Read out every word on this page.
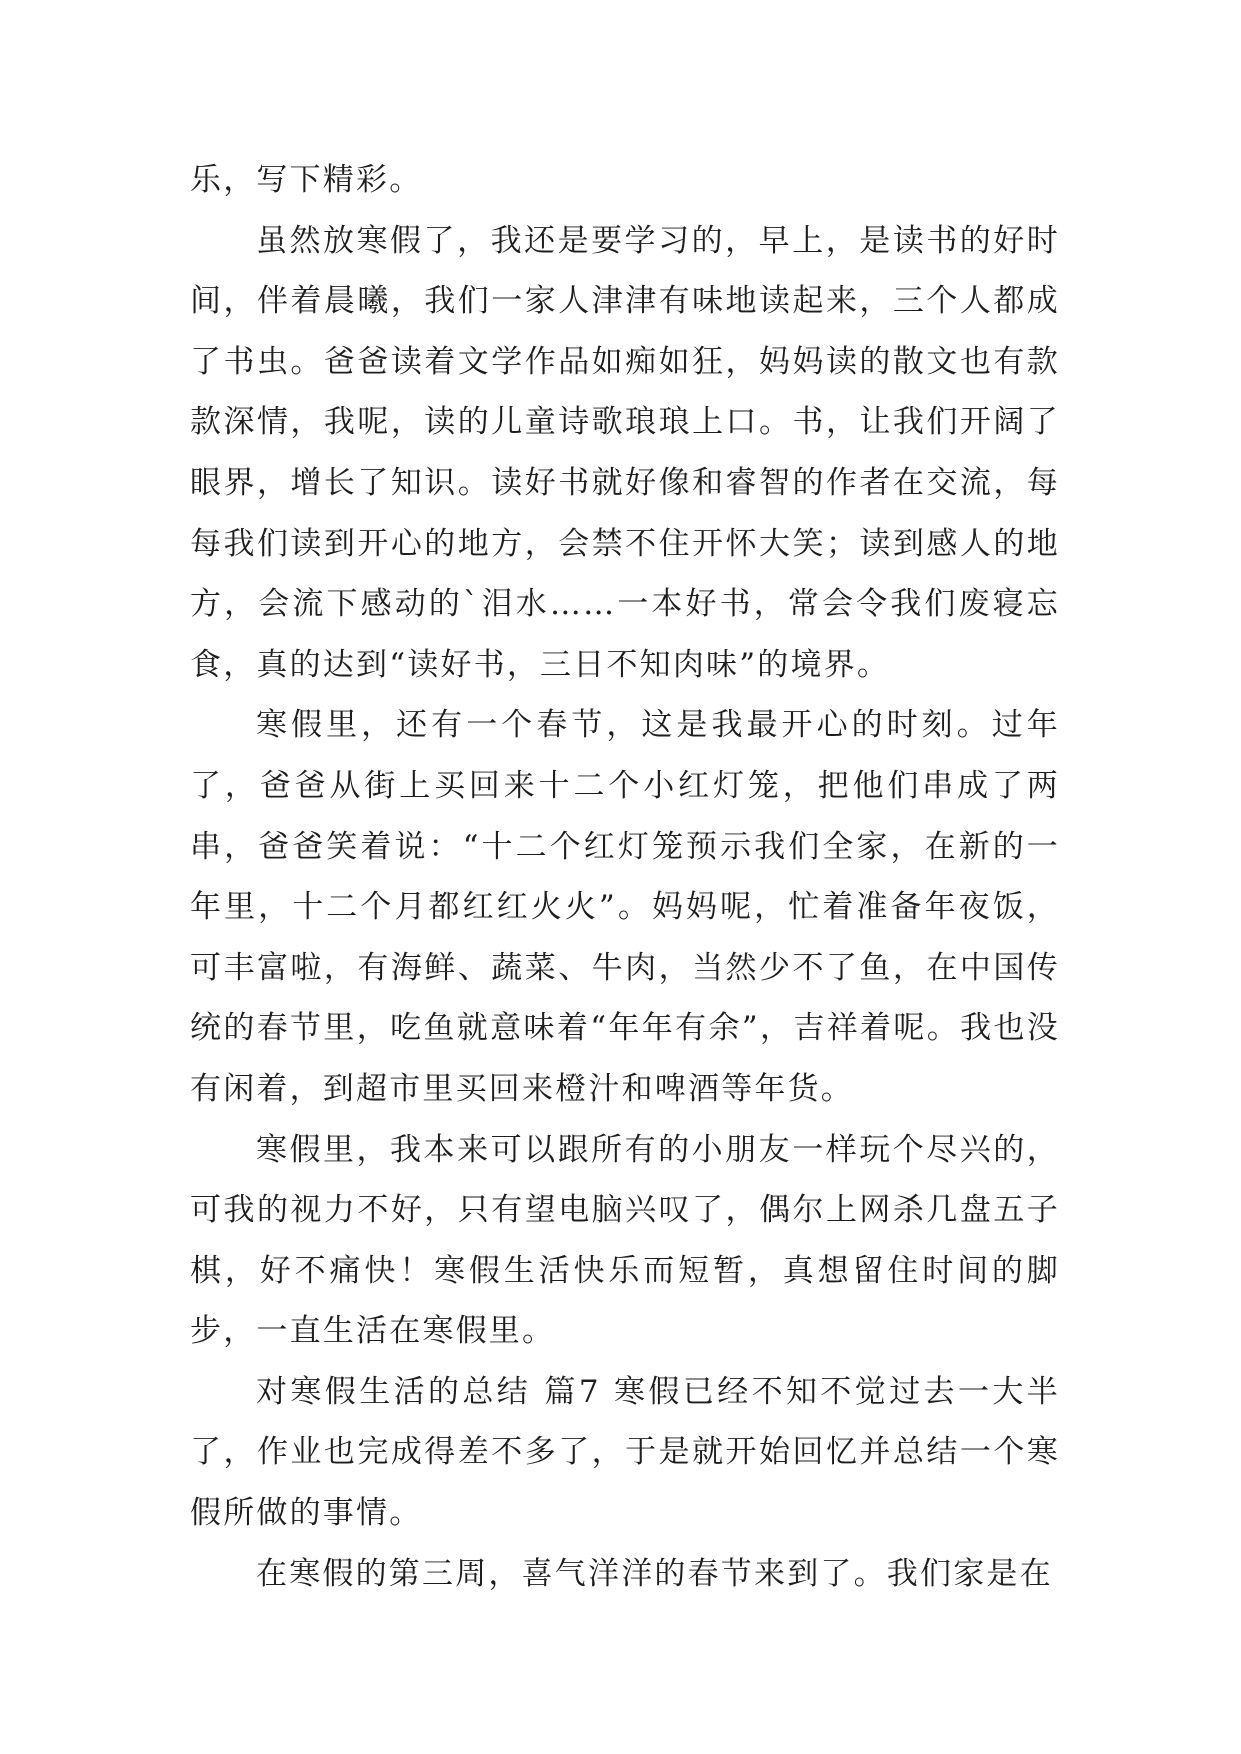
乐，写下精彩。

虽然放寒假了，我还是要学习的，早上，是读书的好时间，伴着晨曦，我们一家人津津有味地读起来，三个人都成了书虫。爸爸读着文学作品如痴如狂，妈妈读的散文也有款款深情，我呢，读的儿童诗歌琅琅上口。书，让我们开阔了眼界，增长了知识。读好书就好像和睿智的作者在交流，每每我们读到开心的地方，会禁不住开怀大笑；读到感人的地方，会流下感动的`泪水……一本好书，常会令我们废寝忘食，真的达到“读好书，三日不知肉味”的境界。

寒假里，还有一个春节，这是我最开心的时刻。过年了，爸爸从街上买回来十二个小红灯笼，把他们串成了两串，爸爸笑着说：“十二个红灯笼预示我们全家，在新的一年里，十二个月都红红火火”。妈妈呢，忙着准备年夜饭，可丰富啦，有海鲜、蔬菜、牛肉，当然少不了鱼，在中国传统的春节里，吃鱼就意味着“年年有余”，吉祥着呢。我也没有闲着，到超市里买回来橙汁和啤酒等年货。

寒假里，我本来可以跟所有的小朋友一样玩个尽兴的，可我的视力不好，只有望电脑兴叹了，偶尔上网杀几盘五子棋，好不痛快！寒假生活快乐而短暂，真想留住时间的脚步，一直生活在寒假里。

对寒假生活的总结 篇7 寒假已经不知不觉过去一大半了，作业也完成得差不多了，于是就开始回忆并总结一个寒假所做的事情。

在寒假的第三周，喜气洋洋的春节来到了。我们家是在
